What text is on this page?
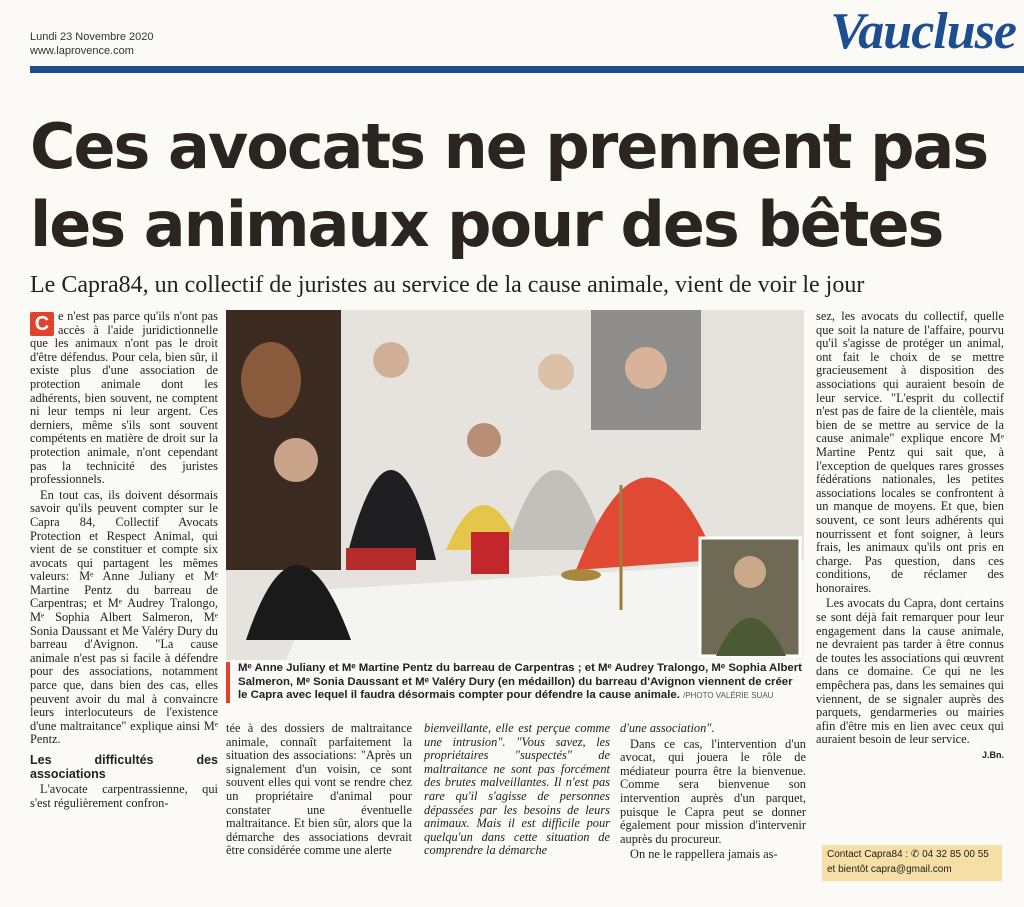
Lundi 23 Novembre 2020
www.laprovence.com	Vaucluse
Ces avocats ne prennent pas
les animaux pour des bêtes
Le Capra84, un collectif de juristes au service de la cause animale, vient de voir le jour

C e n'est pas parce qu'ils n'ont pas accès à l'aide juridictionnelle que les animaux n'ont pas le droit d'être défendus. Pour cela, bien sûr, il existe plus d'une association de protection animale dont les adhérents, bien souvent, ne comptent ni leur temps ni leur argent. Ces derniers, même s'ils sont souvent compétents en matière de droit sur la protection animale, n'ont cependant pas la technicité des juristes professionnels.

En tout cas, ils doivent désormais savoir qu'ils peuvent compter sur le Capra 84, Collectif Avocats Protection et Respect Animal, qui vient de se constituer et compte six avocats qui partagent les mêmes valeurs: Mᵉ Anne Juliany et Mᵉ Martine Pentz du barreau de Carpentras; et Mᵉ Audrey Tralongo, Mᵉ Sophia Albert Salmeron, Mᵉ Sonia Daussant et Me Valéry Dury du barreau d'Avignon. "La cause animale n'est pas si facile à défendre pour des associations, notamment parce que, dans bien des cas, elles peuvent avoir du mal à convaincre leurs interlocuteurs de l'existence d'une maltraitance" explique ainsi Mᵉ Pentz.

Les difficultés des associations

L'avocate carpentrassienne, qui s'est régulièrement confron-

Mᵉ Anne Juliany et Mᵉ Martine Pentz du barreau de Carpentras ; et Mᵉ Audrey Tralongo, Mᵉ Sophia Albert Salmeron, Mᵉ Sonia Daussant et Mᵉ Valéry Dury (en médaillon) du barreau d'Avignon viennent de créer le Capra avec lequel il faudra désormais compter pour défendre la cause animale. /PHOTO VALÉRIE SUAU

tée à des dossiers de maltraitance animale, connaît parfaitement la situation des associations: "Après un signalement d'un voisin, ce sont souvent elles qui vont se rendre chez un propriétaire d'animal pour constater une éventuelle maltraitance. Et bien sûr, alors que la démarche des associations devrait être considérée comme une alerte

bienveillante, elle est perçue comme une intrusion". "Vous savez, les propriétaires "suspectés" de maltraitance ne sont pas forcément des brutes malveillantes. Il n'est pas rare qu'il s'agisse de personnes dépassées par les besoins de leurs animaux. Mais il est difficile pour quelqu'un dans cette situation de comprendre la démarche

d'une association".

Dans ce cas, l'intervention d'un avocat, qui jouera le rôle de médiateur pourra être la bienvenue. Comme sera bienvenue son intervention auprès d'un parquet, puisque le Capra peut se donner également pour mission d'intervenir auprès du procureur.

On ne le rappellera jamais as-

sez, les avocats du collectif, quelle que soit la nature de l'affaire, pourvu qu'il s'agisse de protéger un animal, ont fait le choix de se mettre gracieusement à disposition des associations qui auraient besoin de leur service. "L'esprit du collectif n'est pas de faire de la clientèle, mais bien de se mettre au service de la cause animale" explique encore Mᵉ Martine Pentz qui sait que, à l'exception de quelques rares grosses fédérations nationales, les petites associations locales se confrontent à un manque de moyens. Et que, bien souvent, ce sont leurs adhérents qui nourrissent et font soigner, à leurs frais, les animaux qu'ils ont pris en charge. Pas question, dans ces conditions, de réclamer des honoraires.

Les avocats du Capra, dont certains se sont déjà fait remarquer pour leur engagement dans la cause animale, ne devraient pas tarder à être connus de toutes les associations qui œuvrent dans ce domaine. Ce qui ne les empêchera pas, dans les semaines qui viennent, de se signaler auprès des parquets, gendarmeries ou mairies afin d'être mis en lien avec ceux qui auraient besoin de leur service.

J.Bn.
Contact Capra84 : ✆ 04 32 85 00 55
et bientôt capra@gmail.com
